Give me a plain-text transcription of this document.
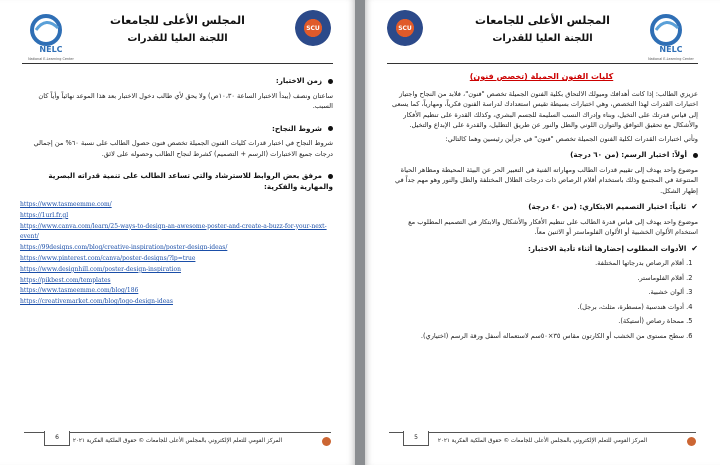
NELC
National E-Learning Center
المجلس الأعلى للجامعات
اللجنة العليا للقدرات
SCU
زمن الاختبار:

ساعتان ونصف (يبدأ الاختبار الساعة ١٠،٣٠ص) ولا يحق لأي طالب دخول الاختبار بعد هذا الموعد نهائياً وأياً كان السبب.

شروط النجاح:

شروط النجاح في اختبار قدرات كليات الفنون الجميلة تخصص فنون حصول الطالب على نسبة ٦٠% من إجمالي درجات جميع الاختبارات (الرسم + التصميم) كشرط لنجاح الطالب وحصوله على لائق.

مرفق بعض الروابط للاسترشاد والتي تساعد الطالب على تنمية قدراته البصرية والمهارية والفكرية:
https://www.tasmeemme.com/
https://1url.fr.gl
https://www.canva.com/learn/25-ways-to-design-an-awesome-poster-and-create-a-buzz-for-your-next-event/
https://99designs.com/blog/creative-inspiration/poster-design-ideas/
https://www.pinterest.com/canva/poster-designs/?lp=true
https://www.designhill.com/poster-design-inspiration
https://pikbest.com/templates
https://www.tasmeemme.com/blog/186
https://creativemarket.com/blog/logo-design-ideas
المركز القومي للتعلم الإلكتروني بالمجلس الأعلى للجامعات © حقوق الملكية الفكرية ٢٠٢١
6
SCU
المجلس الأعلى للجامعات
اللجنة العليا للقدرات
NELC
National E-Learning Center
كليات الفنون الجميلة (تخصص فنون)

عزيزي الطالب: إذا كانت أهدافك وميولك الالتحاق بكلية الفنون الجميلة تخصص "فنون"، فلابد من النجاح واجتياز اختبارات القدرات لهذا التخصص، وهي اختبارات بسيطة تقيس استعدادك لدراسة الفنون فكرياً، ومهارياً، كما يسعى إلى قياس قدرتك على التخيل، وبناء وإدراك النسب السليمة للجسم البشري، وكذلك القدرة على تنظيم الأفكار والأشكال مع تحقيق التوافق والتوازن اللوني والظل والنور عن طريق التظليل، والقدرة على الإبداع والتخيل.

وتأتي اختبارات القدرات لكلية الفنون الجميلة تخصص "فنون" في جزأين رئيسين وهما كالتالي:

أولاً: اختبار الرسم: (من ٦٠ درجة)

موضوع واحد يهدف إلى تقييم قدرات الطالب ومهاراته الفنية في التعبير الحر عن البيئة المحيطة ومظاهر الحياة المتنوعة في المجتمع وذلك باستخدام أقلام الرصاص ذات درجات الظلال المختلفة والظل والنور وهو مهم جداً في إظهار الشكل.

✔ثانياً: اختبار التصميم الابتكاري: (من ٤٠ درجة)

موضوع واحد يهدف إلى قياس قدرة الطالب على تنظيم الأفكار والأشكال والابتكار في التصميم المطلوب مع استخدام الألوان الخشبية أو الألوان الفلوماستر أو الاثنين معاً.

✔الأدوات المطلوب إحضارها أثناء تأدية الاختبار:
1. أقلام الرصاص بدرجاتها المختلفة.
2. أقلام الفلوماستر.
3. ألوان خشبية.
4. أدوات هندسية (مسطرة، مثلث، برجل).
5. ممحاة رصاص (أستيكة).
6. سطح مستوى من الخشب أو الكارتون مقاس ٣٥×٥٠سم لاستعماله أسفل ورقة الرسم (اختياري).
المركز القومي للتعلم الإلكتروني بالمجلس الأعلى للجامعات © حقوق الملكية الفكرية ٢٠٢١
5
